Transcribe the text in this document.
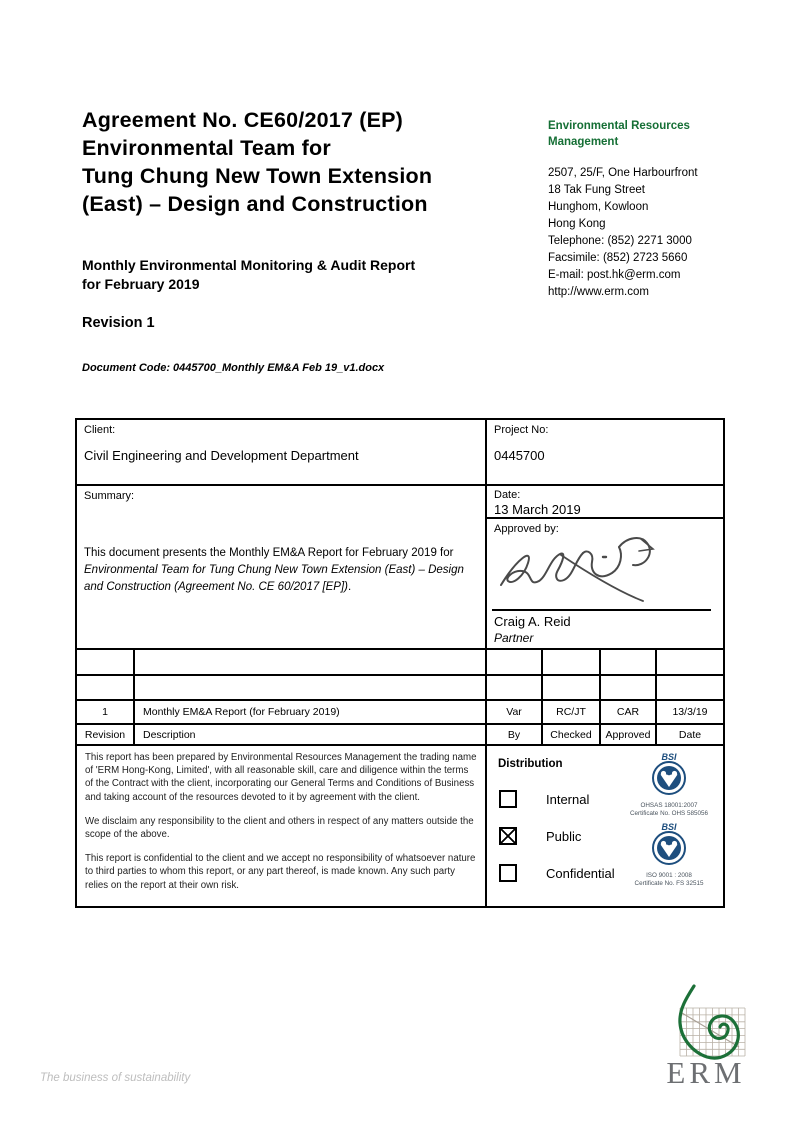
Agreement No. CE60/2017 (EP)
Environmental Team for
Tung Chung New Town Extension
(East) – Design and Construction
Monthly Environmental Monitoring & Audit Report
for February 2019
Revision 1
Document Code: 0445700_Monthly EM&A Feb 19_v1.docx
Environmental Resources
Management
2507, 25/F, One Harbourfront
18 Tak Fung Street
Hunghom, Kowloon
Hong Kong
Telephone: (852) 2271 3000
Facsimile: (852) 2723 5660
E-mail: post.hk@erm.com
http://www.erm.com
Client:
Civil Engineering and Development Department
Project No:
0445700
Summary:
This document presents the Monthly EM&A Report for February 2019 for Environmental Team for Tung Chung New Town Extension (East) – Design and Construction (Agreement No. CE 60/2017 [EP]).
Date:
13 March 2019
Approved by:
Craig A. Reid
Partner
1	Monthly EM&A Report (for February 2019)	Var	RC/JT	CAR	13/3/19
Revision	Description	By	Checked	Approved	Date

This report has been prepared by Environmental Resources Management the trading name of 'ERM Hong-Kong, Limited', with all reasonable skill, care and diligence within the terms of the Contract with the client, incorporating our General Terms and Conditions of Business and taking account of the resources devoted to it by agreement with the client.

We disclaim any responsibility to the client and others in respect of any matters outside the scope of the above.

This report is confidential to the client and we accept no responsibility of whatsoever nature to third parties to whom this report, or any part thereof, is made known. Any such party relies on the report at their own risk.

Distribution
Internal
Public
Confidential
BSI
OHSAS 18001:2007
Certificate No. OHS 585056
BSI
ISO 9001 : 2008
Certificate No. FS 32515
ERM
The business of sustainability
